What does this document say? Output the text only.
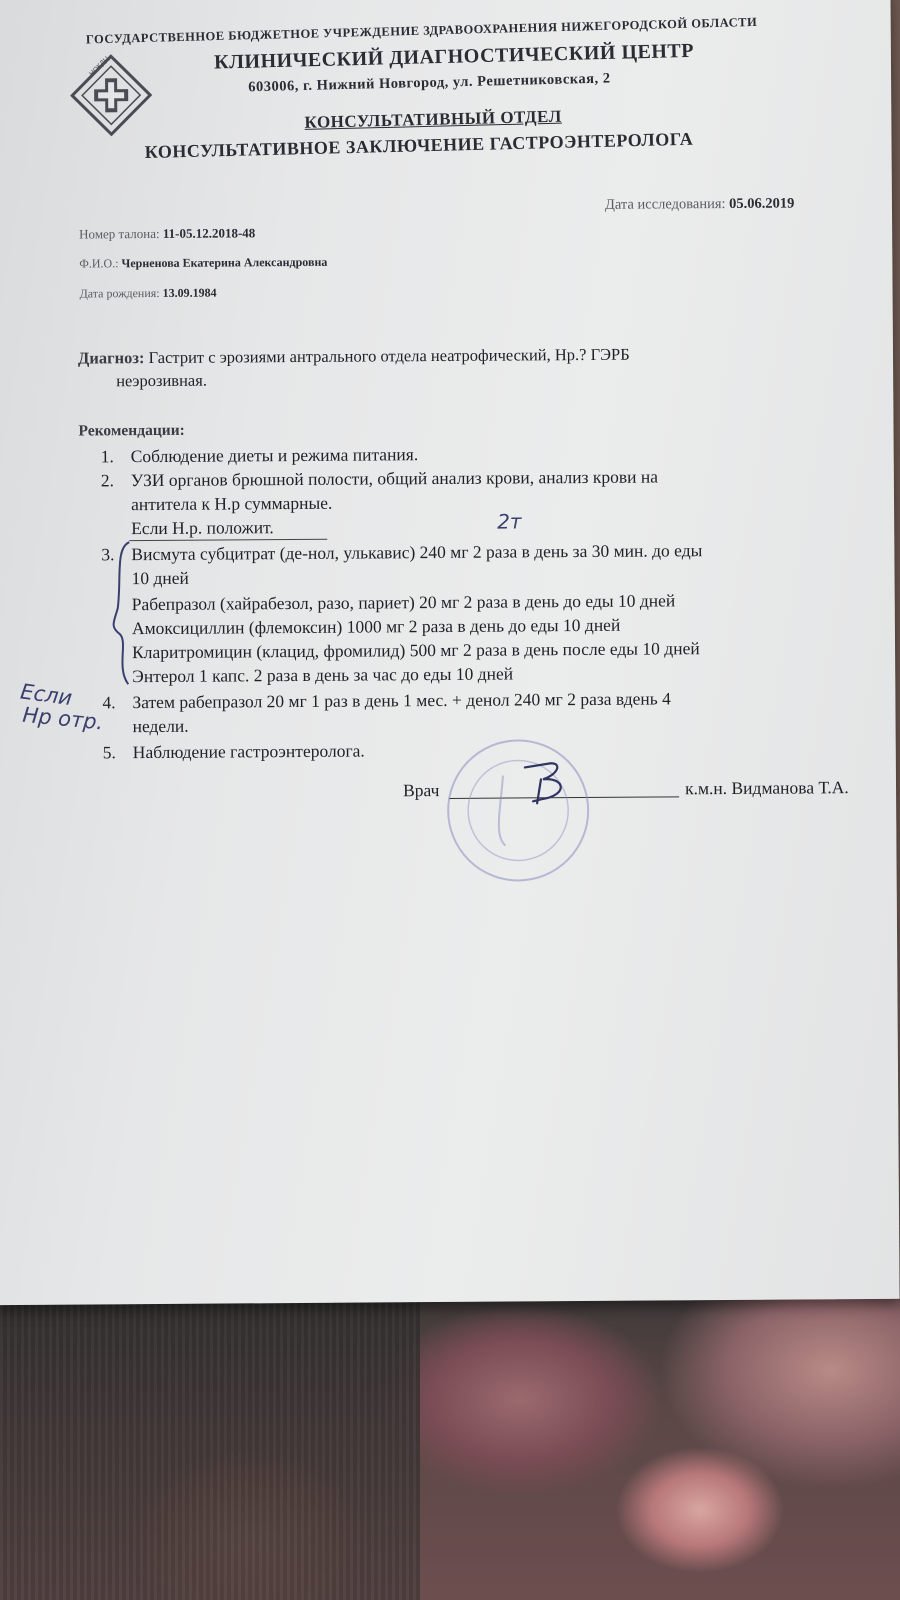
НОКДЦ
ГОСУДАРСТВЕННОЕ БЮДЖЕТНОЕ УЧРЕЖДЕНИЕ ЗДРАВООХРАНЕНИЯ НИЖЕГОРОДСКОЙ ОБЛАСТИ
КЛИНИЧЕСКИЙ ДИАГНОСТИЧЕСКИЙ ЦЕНТР
603006, г. Нижний Новгород, ул. Решетниковская, 2
КОНСУЛЬТАТИВНЫЙ ОТДЕЛ
КОНСУЛЬТАТИВНОЕ ЗАКЛЮЧЕНИЕ ГАСТРОЭНТЕРОЛОГА
Номер талона: 11-05.12.2018-48
Дата исследования: 05.06.2019
Ф.И.О.: Черненова Екатерина Александровна
Дата рождения: 13.09.1984
Диагноз: Гастрит с эрозиями антрального отдела неатрофический, Нр.? ГЭРБ
неэрозивная.
Рекомендации:
1. Соблюдение диеты и режима питания.
2. УЗИ органов брюшной полости, общий анализ крови, анализ крови на
антитела к Н.р суммарные.
Если Н.р. положит.
3. Висмута субцитрат (де-нол, улькавис) 240 мг 2 раза в день за 30 мин. до еды
10 дней
Рабепразол (хайрабезол, разо, париет) 20 мг 2 раза в день до еды 10 дней
Амоксициллин (флемоксин) 1000 мг 2 раза в день до еды 10 дней
Кларитромицин (клацид, фромилид) 500 мг 2 раза в день после еды 10 дней
Энтерол 1 капс. 2 раза в день за час до еды 10 дней
4. Затем рабепразол 20 мг 1 раз в день 1 мес. + денол 240 мг 2 раза вдень 4
недели.
5. Наблюдение гастроэнтеролога.
2т
Если
Нр отр.
Врач	к.м.н. Видманова Т.А.
